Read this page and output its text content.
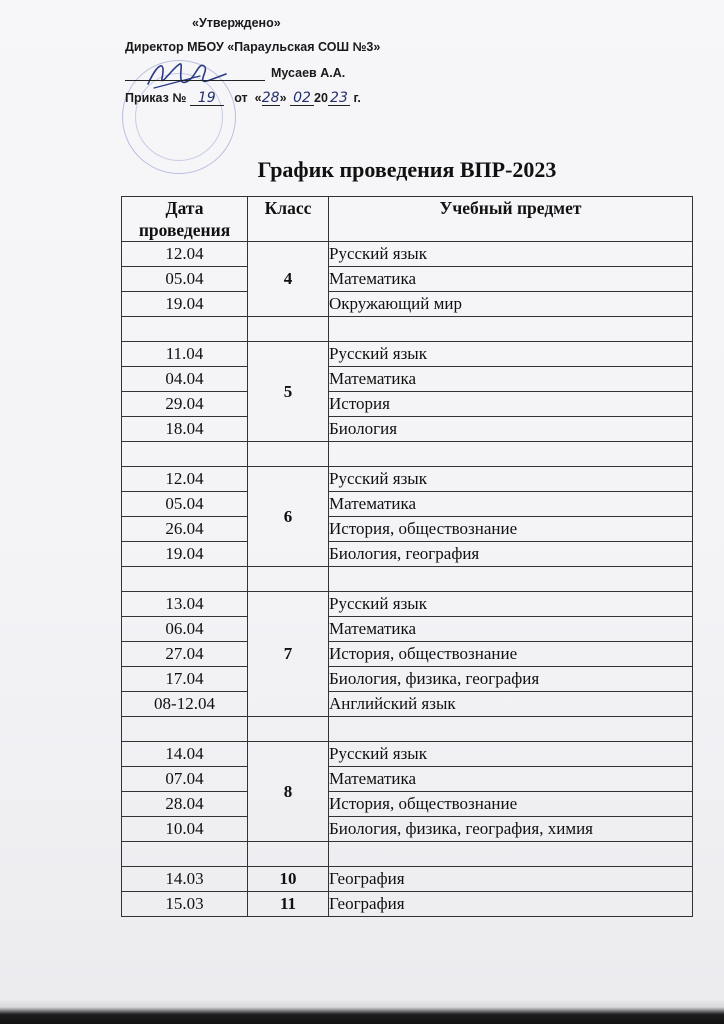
«Утверждено»
Директор МБОУ «Параульская СОШ №3»
Мусаев А.А.
Приказ № 19 от  «28» 02 20 23 г.
График проведения ВПР-2023
Дата проведения	Класс	Учебный предмет
12.04	4	Русский язык
05.04		Математика
19.04		Окружающий мир

11.04	5	Русский язык
04.04		Математика
29.04		История
18.04		Биология

12.04	6	Русский язык
05.04		Математика
26.04		История, обществознание
19.04		Биология, география

13.04	7	Русский язык
06.04		Математика
27.04		История, обществознание
17.04		Биология, физика, география
08-12.04		Английский язык

14.04	8	Русский язык
07.04		Математика
28.04		История, обществознание
10.04		Биология, физика, география, химия

14.03	10	География
15.03	11	География
